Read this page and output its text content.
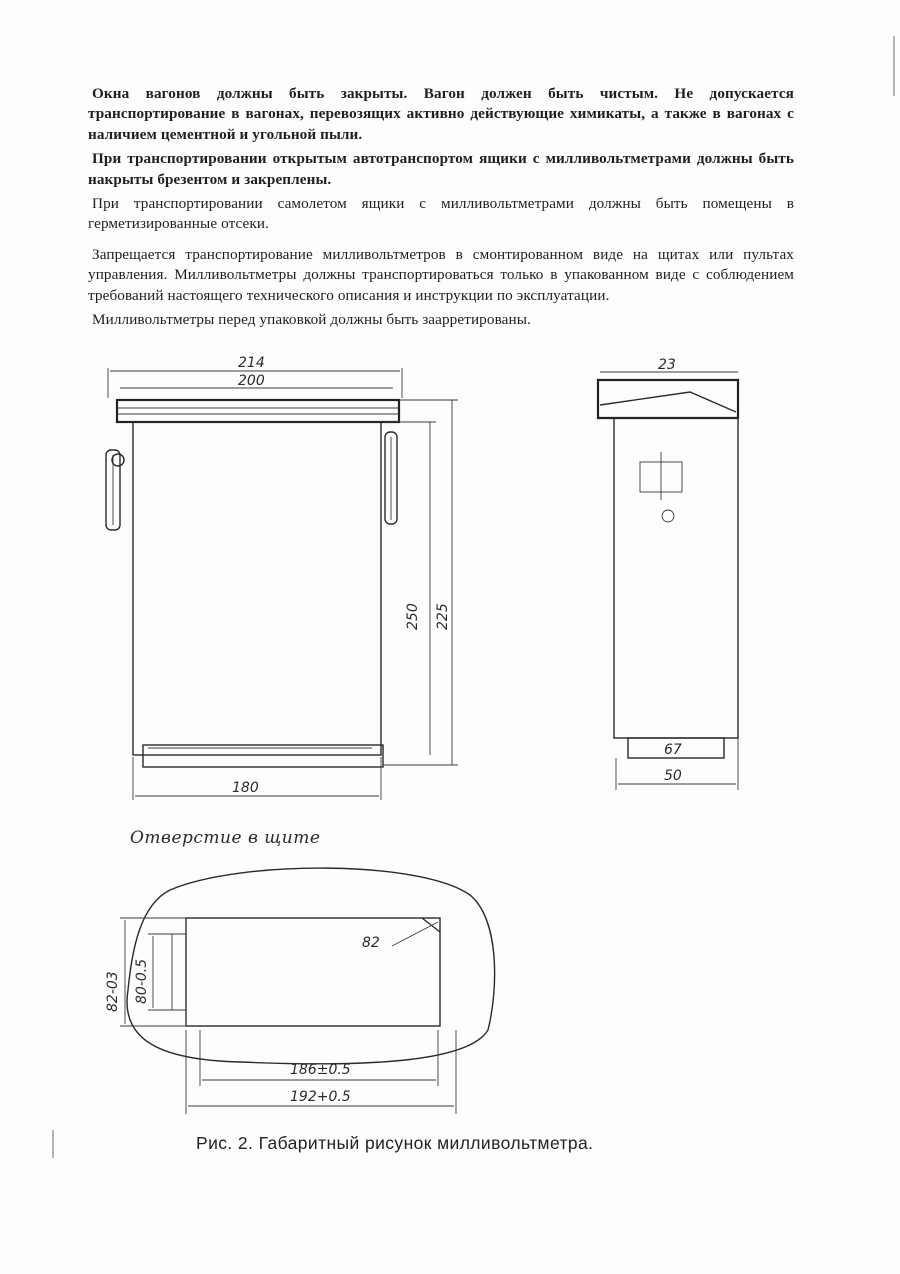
Окна вагонов должны быть закрыты. Вагон должен быть чистым. Не допускается транспортирование в вагонах, перевозящих активно действующие химикаты, а также в вагонах с наличием цементной и угольной пыли.

При транспортировании открытым автотранспортом ящики с милливольтметрами должны быть накрыты брезентом и закреплены.

При транспортировании самолетом ящики с милливольтметрами должны быть помещены в герметизированные отсеки.

Запрещается транспортирование милливольтметров в смонтированном виде на щитах или пультах управления. Милливольтметры должны транспортироваться только в упакованном виде с соблюдением требований настоящего технического описания и инструкции по эксплуатации.

Милливольтметры перед упаковкой должны быть заарретированы.

214
200
250 225
180
23
67
50
82-03 80-0.5
82
186±0.5
192+0.5
Отверстие в щите
Рис. 2. Габаритный рисунок милливольтметра.
